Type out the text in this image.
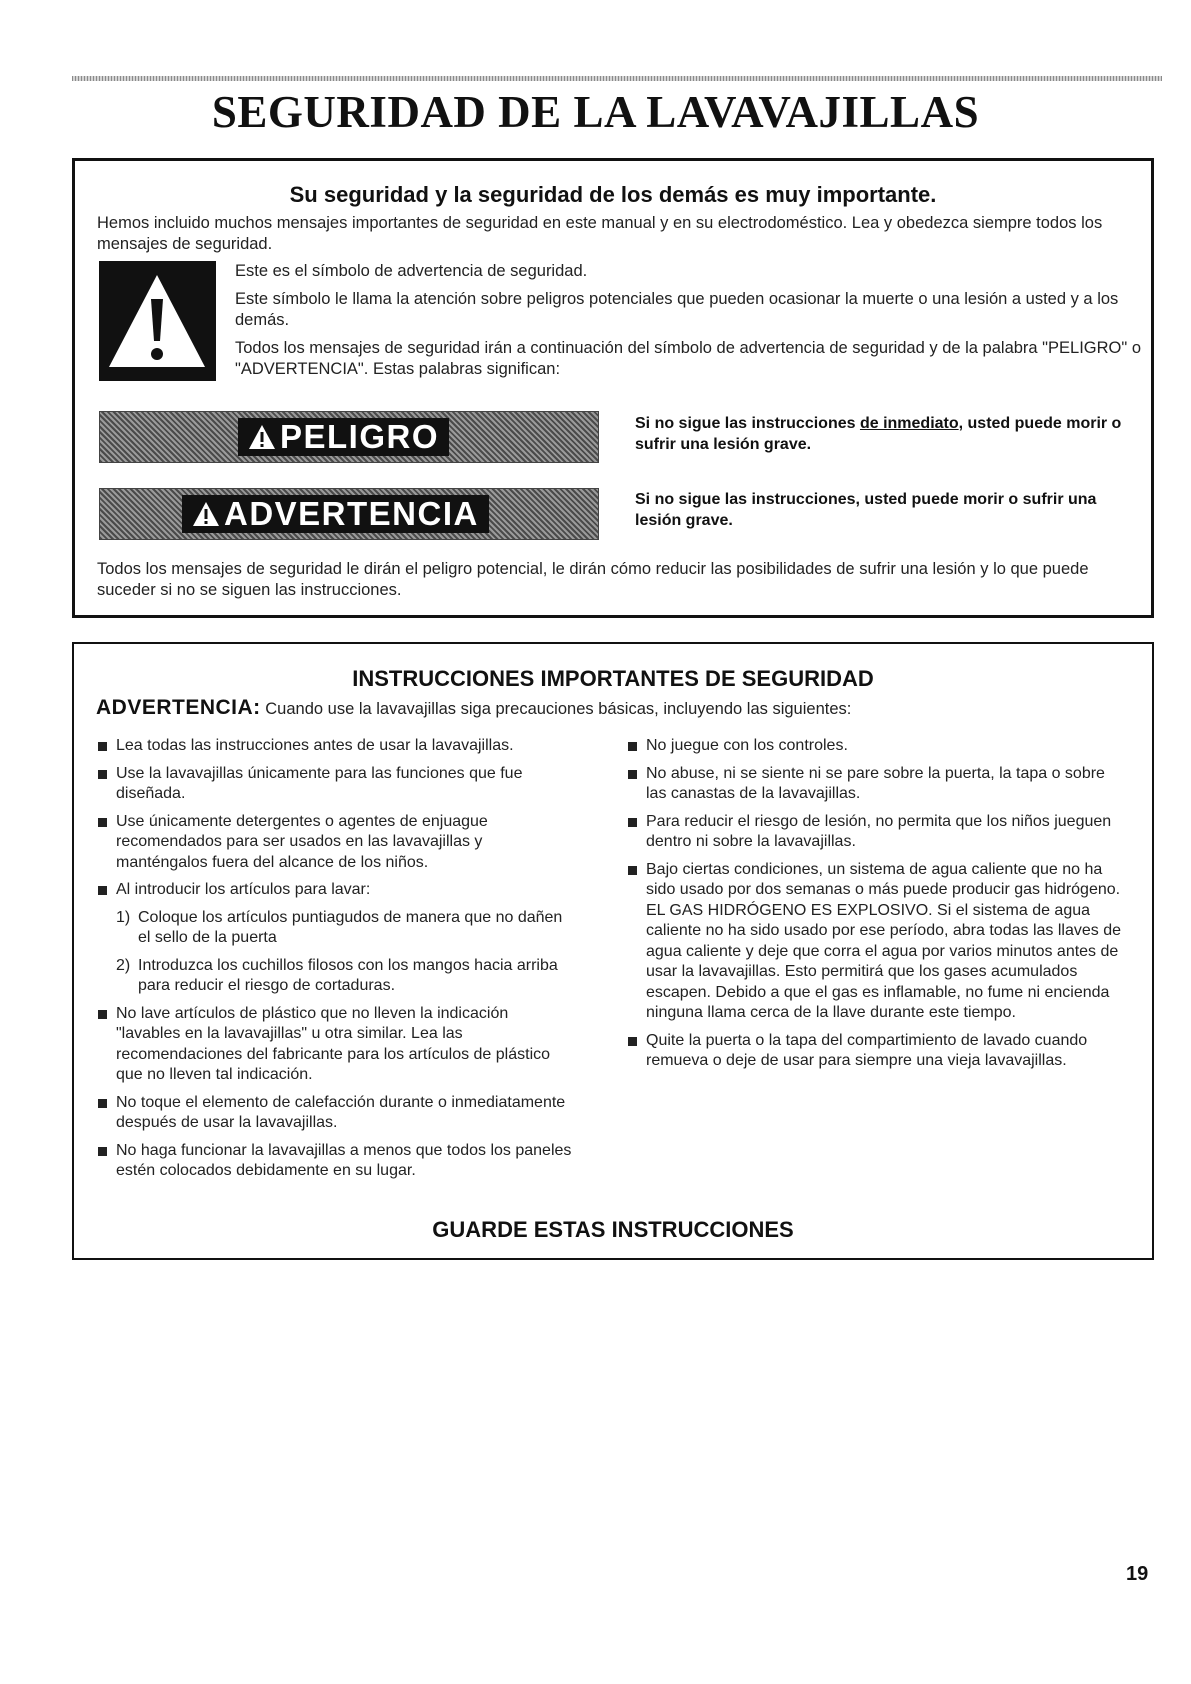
SEGURIDAD DE LA LAVAVAJILLAS
Su seguridad y la seguridad de los demás es muy importante.
Hemos incluido muchos mensajes importantes de seguridad en este manual y en su electrodoméstico. Lea y obedezca siempre todos los mensajes de seguridad.

Este es el símbolo de advertencia de seguridad.

Este símbolo le llama la atención sobre peligros potenciales que pueden ocasionar la muerte o una lesión a usted y a los demás.

Todos los mensajes de seguridad irán a continuación del símbolo de advertencia de seguridad y de la palabra "PELIGRO" o "ADVERTENCIA". Estas palabras significan:

PELIGRO	Si no sigue las instrucciones de inmediato, usted puede morir o sufrir una lesión grave.
ADVERTENCIA	Si no sigue las instrucciones, usted puede morir o sufrir una lesión grave.
Todos los mensajes de seguridad le dirán el peligro potencial, le dirán cómo reducir las posibilidades de sufrir una lesión y lo que puede suceder si no se siguen las instrucciones.
INSTRUCCIONES IMPORTANTES DE SEGURIDAD
ADVERTENCIA: Cuando use la lavavajillas siga precauciones básicas, incluyendo las siguientes:
Lea todas las instrucciones antes de usar la lavavajillas.
Use la lavavajillas únicamente para las funciones que fue diseñada.
Use únicamente detergentes o agentes de enjuague recomendados para ser usados en las lavavajillas y manténgalos fuera del alcance de los niños.
Al introducir los artículos para lavar:
1) Coloque los artículos puntiagudos de manera que no dañen el sello de la puerta
2) Introduzca los cuchillos filosos con los mangos hacia arriba para reducir el riesgo de cortaduras.
No lave artículos de plástico que no lleven la indicación "lavables en la lavavajillas" u otra similar. Lea las recomendaciones del fabricante para los artículos de plástico que no lleven tal indicación.
No toque el elemento de calefacción durante o inmediatamente después de usar la lavavajillas.
No haga funcionar la lavavajillas a menos que todos los paneles estén colocados debidamente en su lugar.
No juegue con los controles.
No abuse, ni se siente ni se pare sobre la puerta, la tapa o sobre las canastas de la lavavajillas.
Para reducir el riesgo de lesión, no permita que los niños jueguen dentro ni sobre la lavavajillas.
Bajo ciertas condiciones, un sistema de agua caliente que no ha sido usado por dos semanas o más puede producir gas hidrógeno. EL GAS HIDRÓGENO ES EXPLOSIVO. Si el sistema de agua caliente no ha sido usado por ese período, abra todas las llaves de agua caliente y deje que corra el agua por varios minutos antes de usar la lavavajillas. Esto permitirá que los gases acumulados escapen. Debido a que el gas es inflamable, no fume ni encienda ninguna llama cerca de la llave durante este tiempo.
Quite la puerta o la tapa del compartimiento de lavado cuando remueva o deje de usar para siempre una vieja lavavajillas.
GUARDE ESTAS INSTRUCCIONES
19
